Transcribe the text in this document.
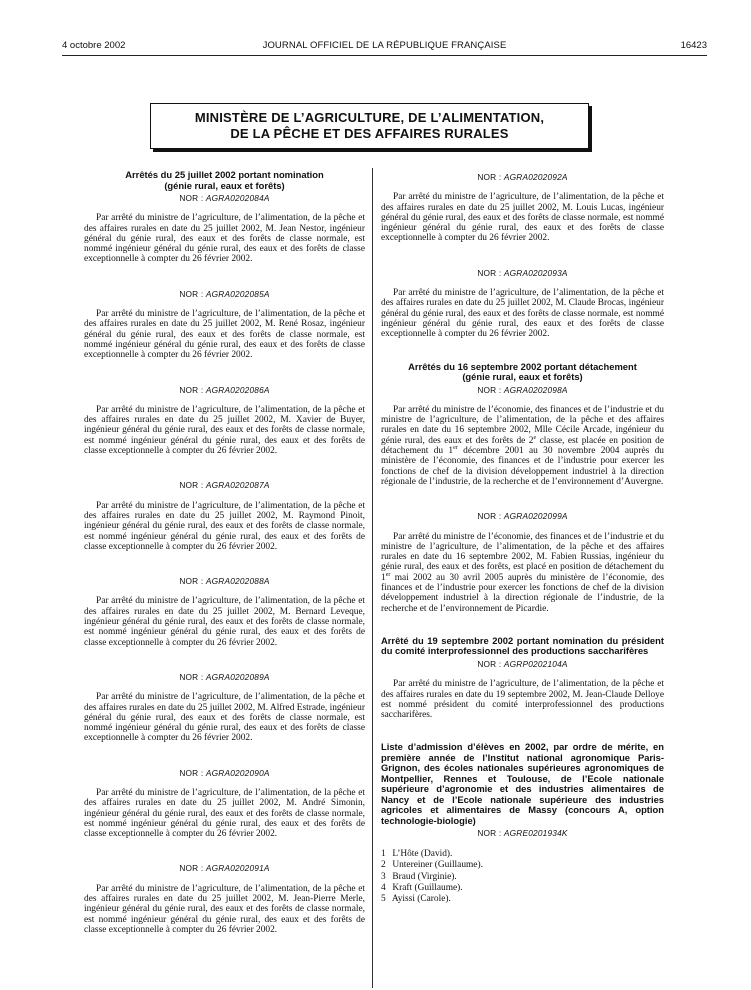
4 octobre 2002	JOURNAL OFFICIEL DE LA RÉPUBLIQUE FRANÇAISE	16423
MINISTÈRE DE L’AGRICULTURE, DE L’ALIMENTATION,
DE LA PÊCHE ET DES AFFAIRES RURALES

Arrêtés du 25 juillet 2002 portant nomination
(génie rural, eaux et forêts)

NOR : AGRA0202084A

Par arrêté du ministre de l’agriculture, de l’alimentation, de la pêche et des affaires rurales en date du 25 juillet 2002, M. Jean Nestor, ingénieur général du génie rural, des eaux et des forêts de classe normale, est nommé ingénieur général du génie rural, des eaux et des forêts de classe exceptionnelle à compter du 26 février 2002.

NOR : AGRA0202085A

Par arrêté du ministre de l’agriculture, de l’alimentation, de la pêche et des affaires rurales en date du 25 juillet 2002, M. René Rosaz, ingénieur général du génie rural, des eaux et des forêts de classe normale, est nommé ingénieur général du génie rural, des eaux et des forêts de classe exceptionnelle à compter du 26 février 2002.

NOR : AGRA0202086A

Par arrêté du ministre de l’agriculture, de l’alimentation, de la pêche et des affaires rurales en date du 25 juillet 2002, M. Xavier de Buyer, ingénieur général du génie rural, des eaux et des forêts de classe normale, est nommé ingénieur général du génie rural, des eaux et des forêts de classe exceptionnelle à compter du 26 février 2002.

NOR : AGRA0202087A

Par arrêté du ministre de l’agriculture, de l’alimentation, de la pêche et des affaires rurales en date du 25 juillet 2002, M. Raymond Pinoit, ingénieur général du génie rural, des eaux et des forêts de classe normale, est nommé ingénieur général du génie rural, des eaux et des forêts de classe exceptionnelle à compter du 26 février 2002.

NOR : AGRA0202088A

Par arrêté du ministre de l’agriculture, de l’alimentation, de la pêche et des affaires rurales en date du 25 juillet 2002, M. Bernard Leveque, ingénieur général du génie rural, des eaux et des forêts de classe normale, est nommé ingénieur général du génie rural, des eaux et des forêts de classe exceptionnelle à compter du 26 février 2002.

NOR : AGRA0202089A

Par arrêté du ministre de l’agriculture, de l’alimentation, de la pêche et des affaires rurales en date du 25 juillet 2002, M. Alfred Estrade, ingénieur général du génie rural, des eaux et des forêts de classe normale, est nommé ingénieur général du génie rural, des eaux et des forêts de classe exceptionnelle à compter du 26 février 2002.

NOR : AGRA0202090A

Par arrêté du ministre de l’agriculture, de l’alimentation, de la pêche et des affaires rurales en date du 25 juillet 2002, M. André Simonin, ingénieur général du génie rural, des eaux et des forêts de classe normale, est nommé ingénieur général du génie rural, des eaux et des forêts de classe exceptionnelle à compter du 26 février 2002.

NOR : AGRA0202091A

Par arrêté du ministre de l’agriculture, de l’alimentation, de la pêche et des affaires rurales en date du 25 juillet 2002, M. Jean-Pierre Merle, ingénieur général du génie rural, des eaux et des forêts de classe normale, est nommé ingénieur général du génie rural, des eaux et des forêts de classe exceptionnelle à compter du 26 février 2002.

NOR : AGRA0202092A

Par arrêté du ministre de l’agriculture, de l’alimentation, de la pêche et des affaires rurales en date du 25 juillet 2002, M. Louis Lucas, ingénieur général du génie rural, des eaux et des forêts de classe normale, est nommé ingénieur général du génie rural, des eaux et des forêts de classe exceptionnelle à compter du 26 février 2002.

NOR : AGRA0202093A

Par arrêté du ministre de l’agriculture, de l’alimentation, de la pêche et des affaires rurales en date du 25 juillet 2002, M. Claude Brocas, ingénieur général du génie rural, des eaux et des forêts de classe normale, est nommé ingénieur général du génie rural, des eaux et des forêts de classe exceptionnelle à compter du 26 février 2002.

Arrêtés du 16 septembre 2002 portant détachement
(génie rural, eaux et forêts)

NOR : AGRA0202098A

Par arrêté du ministre de l’économie, des finances et de l’industrie et du ministre de l’agriculture, de l’alimentation, de la pêche et des affaires rurales en date du 16 septembre 2002, Mlle Cécile Arcade, ingénieur du génie rural, des eaux et des forêts de 2e classe, est placée en position de détachement du 1er décembre 2001 au 30 novembre 2004 auprès du ministère de l’économie, des finances et de l’industrie pour exercer les fonctions de chef de la division développement industriel à la direction régionale de l’industrie, de la recherche et de l’environnement d’Auvergne.

NOR : AGRA0202099A

Par arrêté du ministre de l’économie, des finances et de l’industrie et du ministre de l’agriculture, de l’alimentation, de la pêche et des affaires rurales en date du 16 septembre 2002, M. Fabien Russias, ingénieur du génie rural, des eaux et des forêts, est placé en position de détachement du 1er mai 2002 au 30 avril 2005 auprès du ministère de l’économie, des finances et de l’industrie pour exercer les fonctions de chef de la division développement industriel à la direction régionale de l’industrie, de la recherche et de l’environnement de Picardie.

Arrêté du 19 septembre 2002 portant nomination du président du comité interprofessionnel des productions saccharifères

NOR : AGRP0202104A

Par arrêté du ministre de l’agriculture, de l’alimentation, de la pêche et des affaires rurales en date du 19 septembre 2002, M. Jean-Claude Delloye est nommé président du comité interprofessionnel des productions saccharifères.

Liste d’admission d’élèves en 2002, par ordre de mérite, en première année de l’Institut national agronomique Paris-Grignon, des écoles nationales supérieures agronomiques de Montpellier, Rennes et Toulouse, de l’Ecole nationale supérieure d’agronomie et des industries alimentaires de Nancy et de l’Ecole nationale supérieure des industries agricoles et alimentaires de Massy (concours A, option technologie-biologie)

NOR : AGRE0201934K

1 L’Hôte (David).
2 Untereiner (Guillaume).
3 Braud (Virginie).
4 Kraft (Guillaume).
5 Ayissi (Carole).
